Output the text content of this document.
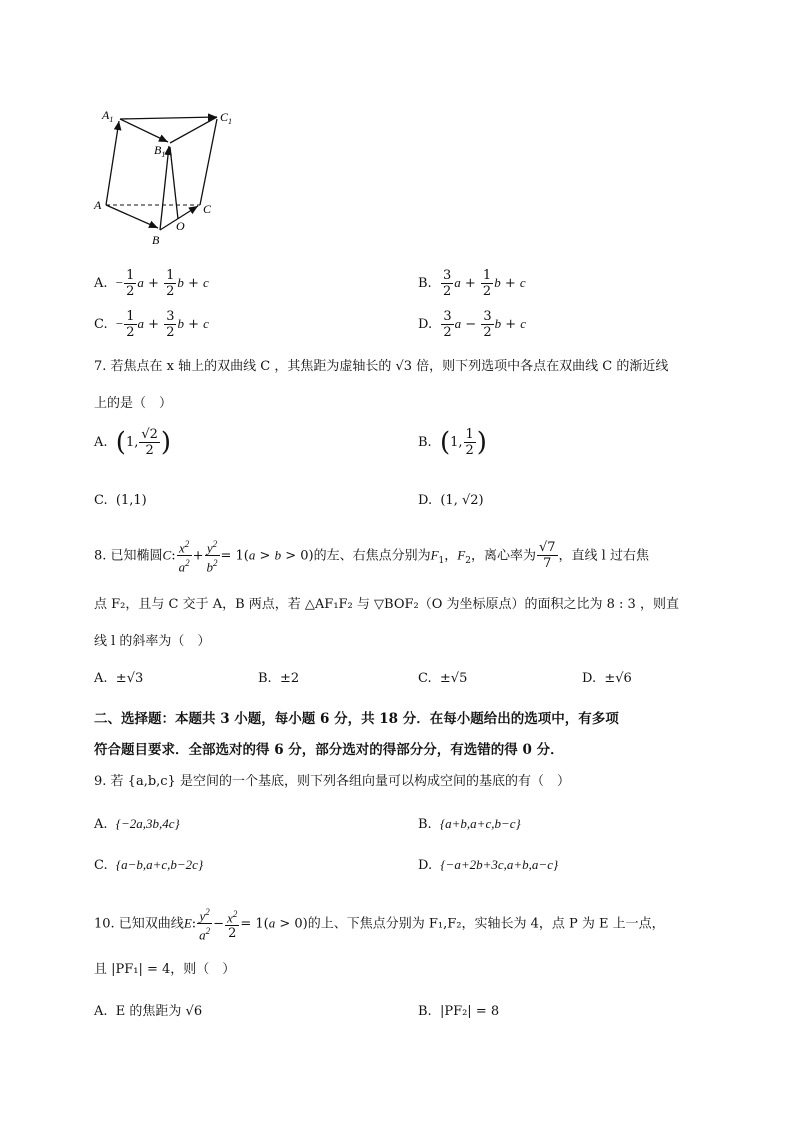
$A_1$	$C_1$
$B_1$
A	C
O
B
A. − $\frac{1}{2}$ $a + \frac{1}{2}$ b + c	B. $\frac{3}{2}$ $a + \frac{1}{2}$ b + c
C. − $\frac{1}{2}$ $a + \frac{3}{2}$ b + c	D. $\frac{3}{2}$ $a - \frac{3}{2}$ b + c
7. 若焦点在 x 轴上的双曲线 C ，其焦距为虚轴长的 √3 倍，则下列选项中各点在双曲线 C 的渐近线
上的是（　）
A. (1, $\frac{√2}{2}$ )	B. (1, $\frac{1}{2}$ )
C. (1,1)	D. (1, √2)
8. 已知椭圆C: $\frac{x^2}{a^2} + \frac{y^2}{b^2} = 1(a > b > 0)$的左、右焦点分别为$F_1$，$F_2$，离心率为 $\frac{√7}{7}$ ，直线 l 过右焦
点 F₂，且与 C 交于 A，B 两点，若 △AF₁F₂ 与 ▽BOF₂（O 为坐标原点）的面积之比为 8 : 3 ，则直
线 l 的斜率为（　）
A. ±√3	B. ±2	C. ±√5	D. ±√6
二、选择题：本题共 3 小题，每小题 6 分，共 18 分．在每小题给出的选项中，有多项
符合题目要求．全部选对的得 6 分，部分选对的得部分分，有选错的得 0 分．
9. 若 {a,b,c} 是空间的一个基底，则下列各组向量可以构成空间的基底的有（　）
A. {−2a,3b,4c}	B. {a+b,a+c,b−c}
C. {a−b,a+c,b−2c}	D. {−a+2b+3c,a+b,a−c}
10. 已知双曲线E: $\frac{y^2}{a^2} - \frac{x^2}{2} = 1(a > 0)$的上、下焦点分别为 F₁,F₂，实轴长为 4，点 P 为 E 上一点，
且 |PF₁| = 4，则（　）
A. E 的焦距为 √6	B. |PF₂| = 8
